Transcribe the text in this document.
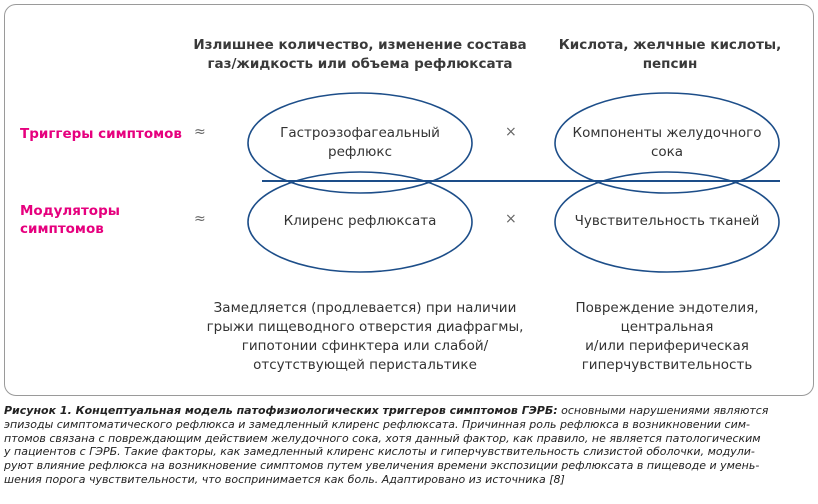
Излишнее количество, изменение состава
газ/жидкость или объема рефлюксата
Кислота, желчные кислоты,
пепсин
Триггеры симптомов
Модуляторы
симптомов
≈
≈
×
×
Гастроэзофагеальный
рефлюкс
Компоненты желудочного
сока
Клиренс рефлюксата	Чувствительность тканей
Замедляется (продлевается) при наличии
грыжи пищеводного отверстия диафрагмы,
гипотонии сфинктера или слабой/
отсутствующей перистальтике
Повреждение эндотелия,
центральная
и/или периферическая
гиперчувствительность
Рисунок 1. Концептуальная модель патофизиологических триггеров симптомов ГЭРБ: основными нарушениями являются
эпизоды симптоматического рефлюкса и замедленный клиренс рефлюксата. Причинная роль рефлюкса в возникновении сим-
птомов связана с повреждающим действием желудочного сока, хотя данный фактор, как правило, не является патологическим
у пациентов с ГЭРБ. Такие факторы, как замедленный клиренс кислоты и гиперчувствительность слизистой оболочки, модули-
руют влияние рефлюкса на возникновение симптомов путем увеличения времени экспозиции рефлюксата в пищеводе и умень-
шения порога чувствительности, что воспринимается как боль. Адаптировано из источника [8]
